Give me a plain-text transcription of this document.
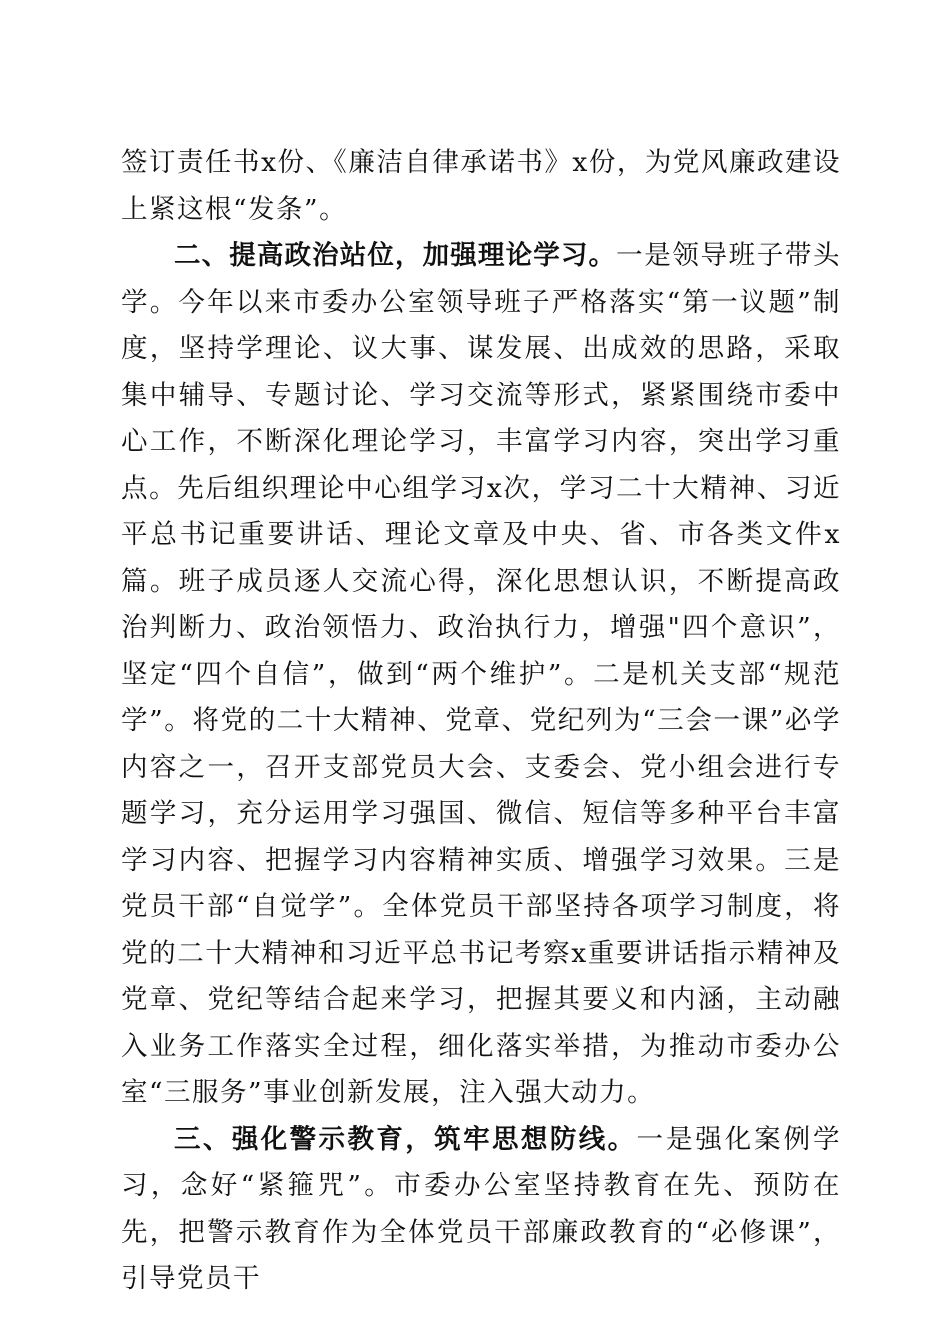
签订责任书x份、《廉洁自律承诺书》x份，为党风廉政建设上紧这根“发条”。

二、提高政治站位，加强理论学习。一是领导班子带头学。今年以来市委办公室领导班子严格落实“第一议题”制度，坚持学理论、议大事、谋发展、出成效的思路，采取集中辅导、专题讨论、学习交流等形式，紧紧围绕市委中心工作，不断深化理论学习，丰富学习内容，突出学习重点。先后组织理论中心组学习x次，学习二十大精神、习近平总书记重要讲话、理论文章及中央、省、市各类文件x篇。班子成员逐人交流心得，深化思想认识，不断提高政治判断力、政治领悟力、政治执行力，增强"四个意识”，坚定“四个自信”，做到“两个维护”。二是机关支部“规范学”。将党的二十大精神、党章、党纪列为“三会一课”必学内容之一，召开支部党员大会、支委会、党小组会进行专题学习，充分运用学习强国、微信、短信等多种平台丰富学习内容、把握学习内容精神实质、增强学习效果。三是党员干部“自觉学”。全体党员干部坚持各项学习制度，将党的二十大精神和习近平总书记考察x重要讲话指示精神及党章、党纪等结合起来学习，把握其要义和内涵，主动融入业务工作落实全过程，细化落实举措，为推动市委办公室“三服务”事业创新发展，注入强大动力。

三、强化警示教育，筑牢思想防线。一是强化案例学习，念好“紧箍咒”。市委办公室坚持教育在先、预防在先，把警示教育作为全体党员干部廉政教育的“必修课”，引导党员干
